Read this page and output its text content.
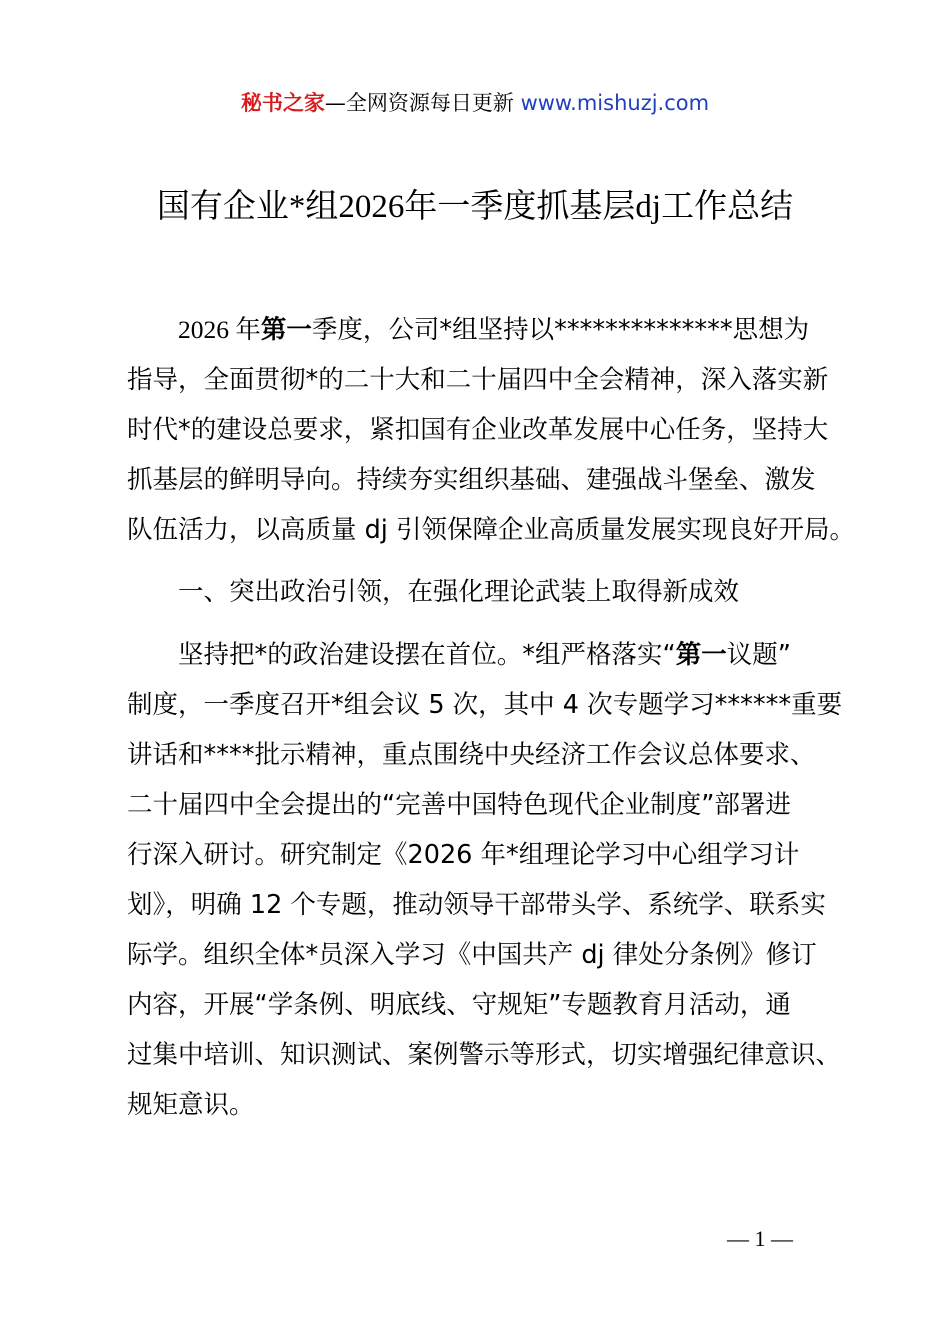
秘书之家—全网资源每日更新 www.mishuzj.com
国有企业*组2026年一季度抓基层dj工作总结
2026 年第一季度，公司*组坚持以**************思想为
指导，全面贯彻*的二十大和二十届四中全会精神，深入落实新
时代*的建设总要求，紧扣国有企业改革发展中心任务，坚持大
抓基层的鲜明导向。持续夯实组织基础、建强战斗堡垒、激发
队伍活力，以高质量 dj 引领保障企业高质量发展实现良好开局。
一、突出政治引领，在强化理论武装上取得新成效
坚持把*的政治建设摆在首位。*组严格落实“第一议题”
制度，一季度召开*组会议 5 次，其中 4 次专题学习******重要
讲话和****批示精神，重点围绕中央经济工作会议总体要求、
二十届四中全会提出的“完善中国特色现代企业制度”部署进
行深入研讨。研究制定《2026 年*组理论学习中心组学习计
划》，明确 12 个专题，推动领导干部带头学、系统学、联系实
际学。组织全体*员深入学习《中国共产 dj 律处分条例》修订
内容，开展“学条例、明底线、守规矩”专题教育月活动，通
过集中培训、知识测试、案例警示等形式，切实增强纪律意识、
规矩意识。
— 1 —
